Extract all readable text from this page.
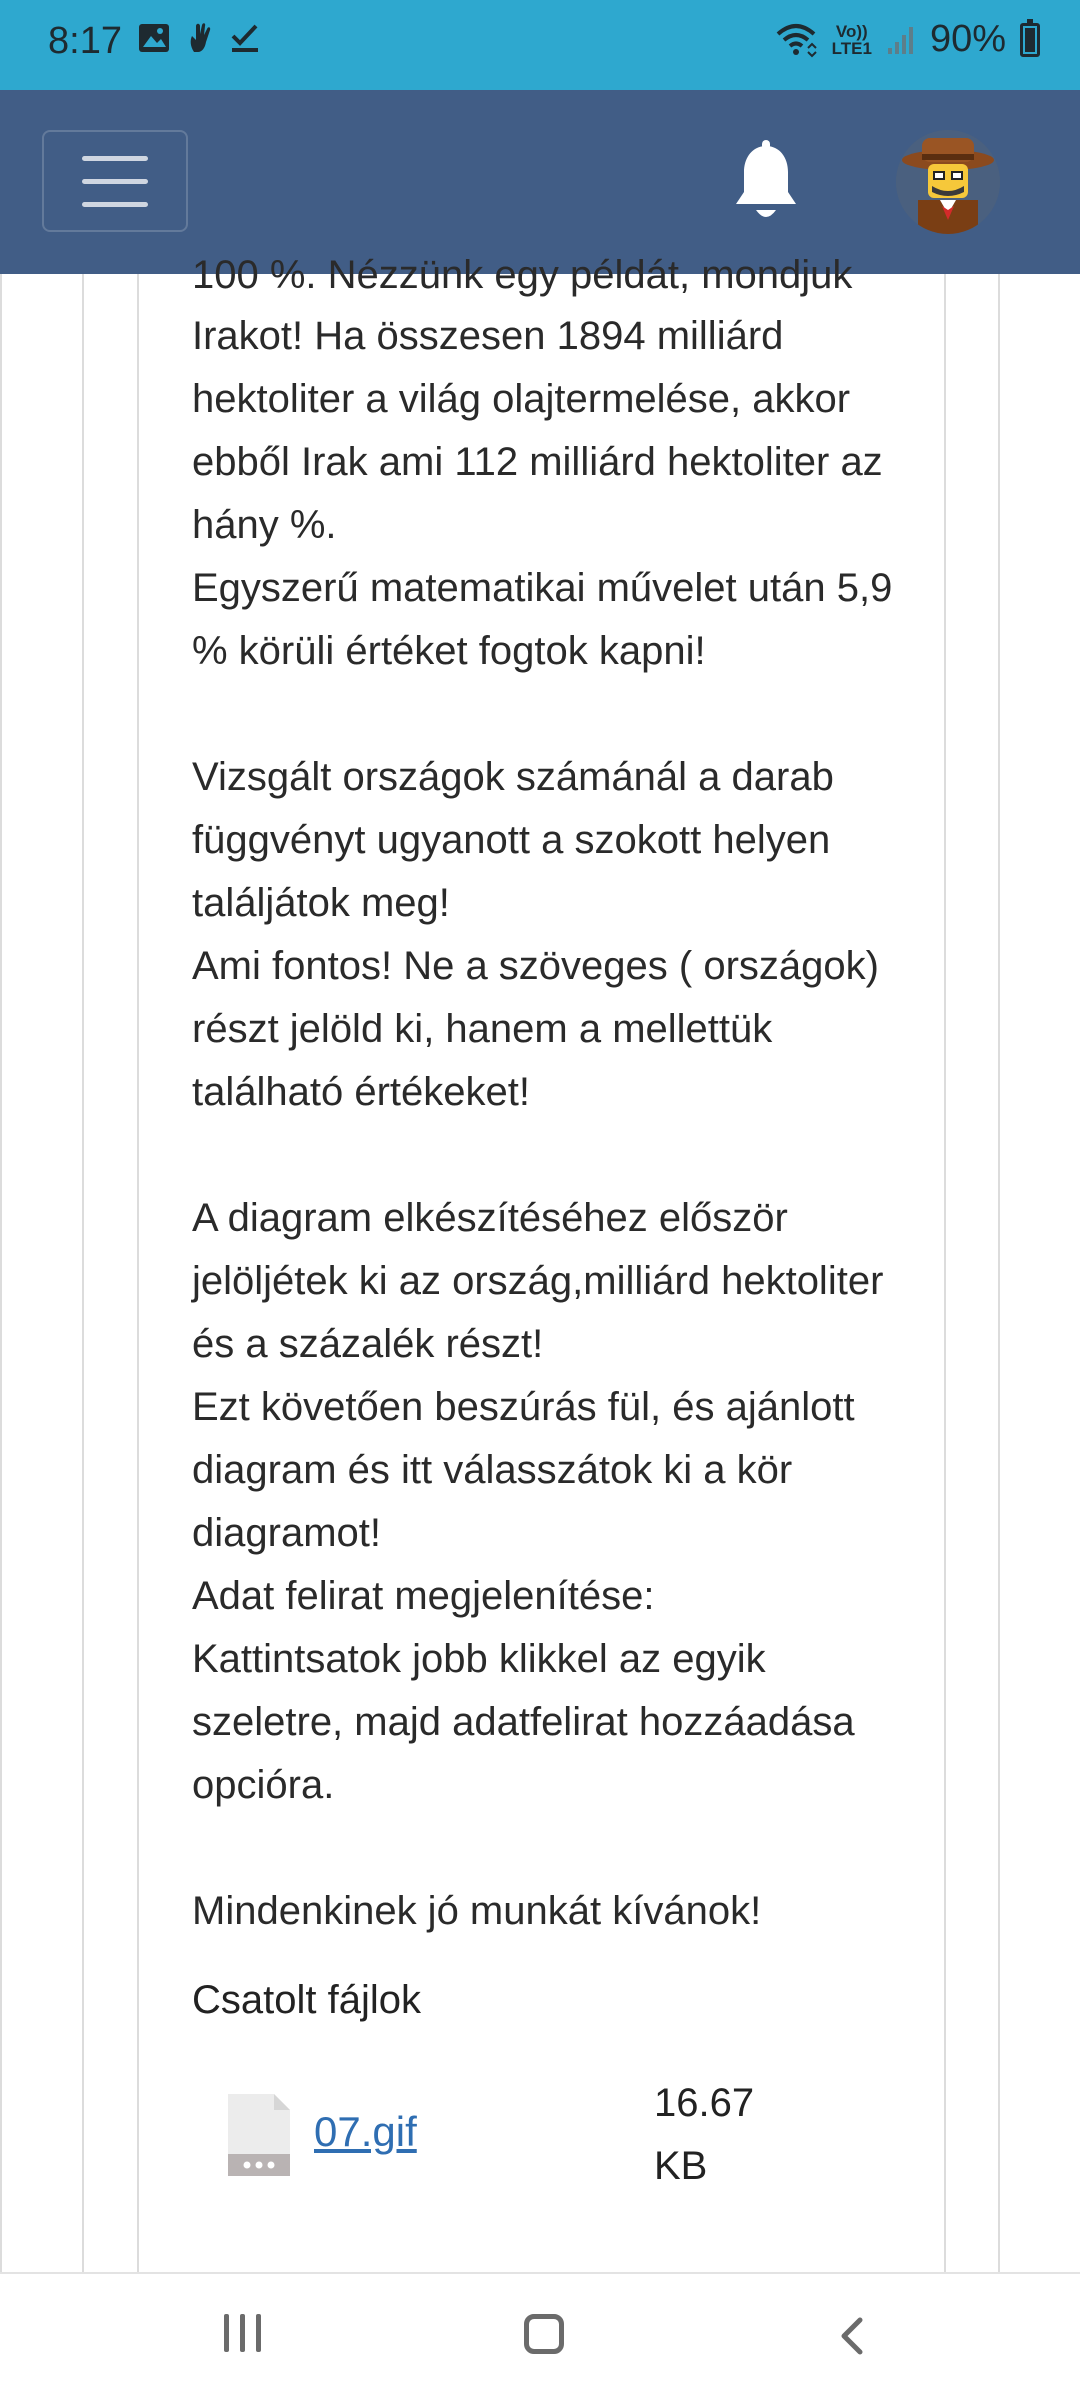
8:17	Vo))
LTE1 90%
100 %. Nézzünk egy példát, mondjuk

Irakot! Ha összesen 1894 milliárd hektoliter a világ olajtermelése, akkor ebből Irak ami 112 milliárd hektoliter az hány %.

Egyszerű matematikai művelet után 5,9 % körüli értéket fogtok kapni!

Vizsgált országok számánál a darab függvényt ugyanott a szokott helyen találjátok meg!

Ami fontos! Ne a szöveges ( országok) részt jelöld ki, hanem a mellettük található értékeket!

A diagram elkészítéséhez először jelöljétek ki az ország,milliárd hektoliter és a százalék részt!

Ezt követően beszúrás fül, és ajánlott diagram és itt válasszátok ki a kör diagramot!

Adat felirat megjelenítése:

Kattintsatok jobb klikkel az egyik szeletre, majd adatfelirat hozzáadása opcióra.

Mindenkinek jó munkát kívánok!

Csatolt fájlok
07.gif
16.67
KB
